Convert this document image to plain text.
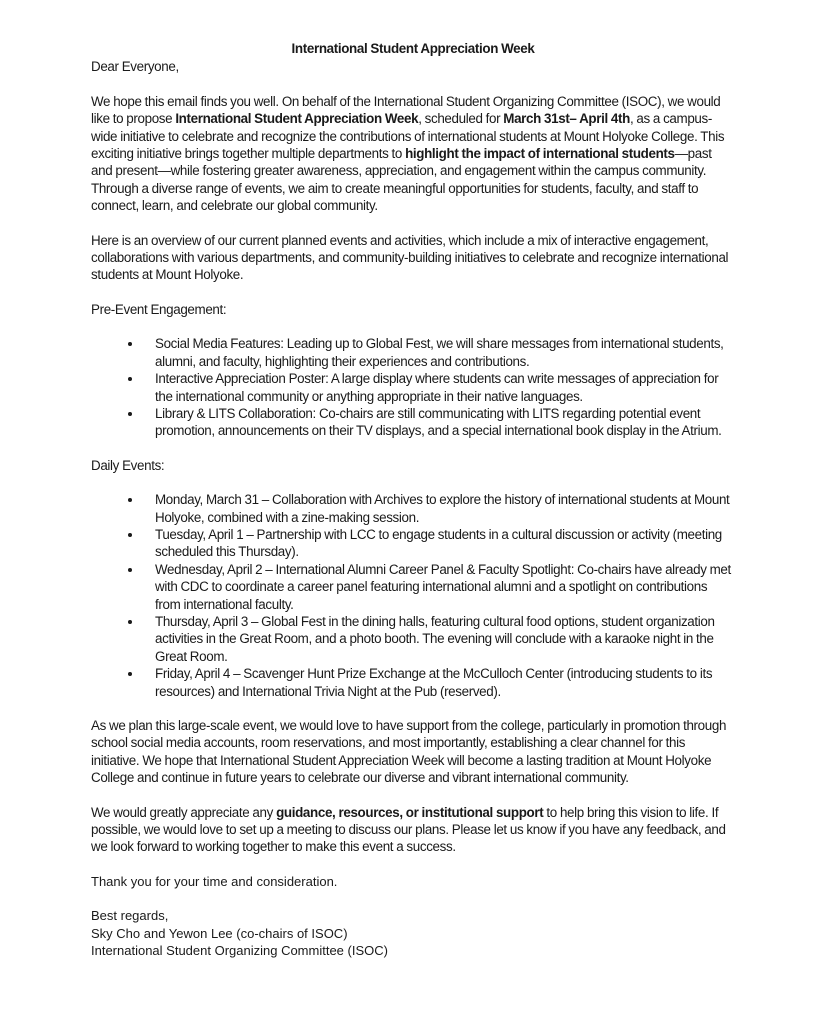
International Student Appreciation Week
Dear Everyone,

We hope this email finds you well. On behalf of the International Student Organizing Committee (ISOC), we would like to propose International Student Appreciation Week, scheduled for March 31st– April 4th, as a campus-wide initiative to celebrate and recognize the contributions of international students at Mount Holyoke College. This exciting initiative brings together multiple departments to highlight the impact of international students—past and present—while fostering greater awareness, appreciation, and engagement within the campus community. Through a diverse range of events, we aim to create meaningful opportunities for students, faculty, and staff to connect, learn, and celebrate our global community.

Here is an overview of our current planned events and activities, which include a mix of interactive engagement, collaborations with various departments, and community-building initiatives to celebrate and recognize international students at Mount Holyoke.

Pre-Event Engagement:
Social Media Features: Leading up to Global Fest, we will share messages from international students, alumni, and faculty, highlighting their experiences and contributions.
Interactive Appreciation Poster: A large display where students can write messages of appreciation for the international community or anything appropriate in their native languages.
Library & LITS Collaboration: Co-chairs are still communicating with LITS regarding potential event promotion, announcements on their TV displays, and a special international book display in the Atrium.
Daily Events:
Monday, March 31 – Collaboration with Archives to explore the history of international students at Mount Holyoke, combined with a zine-making session.
Tuesday, April 1 – Partnership with LCC to engage students in a cultural discussion or activity (meeting scheduled this Thursday).
Wednesday, April 2 – International Alumni Career Panel & Faculty Spotlight: Co-chairs have already met with CDC to coordinate a career panel featuring international alumni and a spotlight on contributions from international faculty.
Thursday, April 3 – Global Fest in the dining halls, featuring cultural food options, student organization activities in the Great Room, and a photo booth. The evening will conclude with a karaoke night in the Great Room.
Friday, April 4 – Scavenger Hunt Prize Exchange at the McCulloch Center (introducing students to its resources) and International Trivia Night at the Pub (reserved).

As we plan this large-scale event, we would love to have support from the college, particularly in promotion through school social media accounts, room reservations, and most importantly, establishing a clear channel for this initiative. We hope that International Student Appreciation Week will become a lasting tradition at Mount Holyoke College and continue in future years to celebrate our diverse and vibrant international community.

We would greatly appreciate any guidance, resources, or institutional support to help bring this vision to life. If possible, we would love to set up a meeting to discuss our plans. Please let us know if you have any feedback, and we look forward to working together to make this event a success.

Thank you for your time and consideration.
Best regards,
Sky Cho and Yewon Lee (co-chairs of ISOC)
International Student Organizing Committee (ISOC)
